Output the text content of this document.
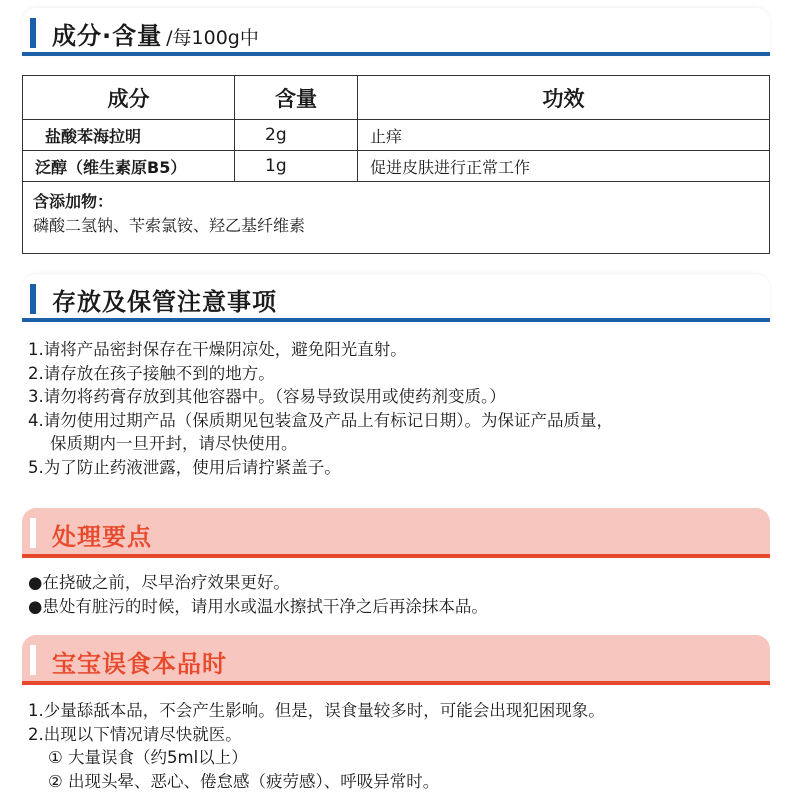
成分·含量 /每100g中
成分	含量	功效
盐酸苯海拉明	2g	止痒
泛醇（维生素原B5）	1g	促进皮肤进行正常工作

含添加物：
磷酸二氢钠、苄索氯铵、羟乙基纤维素		
存放及保管注意事项
1.请将产品密封保存在干燥阴凉处，避免阳光直射。
2.请存放在孩子接触不到的地方。
3.请勿将药膏存放到其他容器中。（容易导致误用或使药剂变质。）
4.请勿使用过期产品（保质期见包装盒及产品上有标记日期）。为保证产品质量，
保质期内一旦开封，请尽快使用。
5.为了防止药液泄露，使用后请拧紧盖子。
处理要点
●在挠破之前，尽早治疗效果更好。
●患处有脏污的时候，请用水或温水擦拭干净之后再涂抹本品。
宝宝误食本品时
1.少量舔舐本品，不会产生影响。但是，误食量较多时，可能会出现犯困现象。
2.出现以下情况请尽快就医。
① 大量误食（约5ml以上）
② 出现头晕、恶心、倦怠感（疲劳感）、呼吸异常时。
